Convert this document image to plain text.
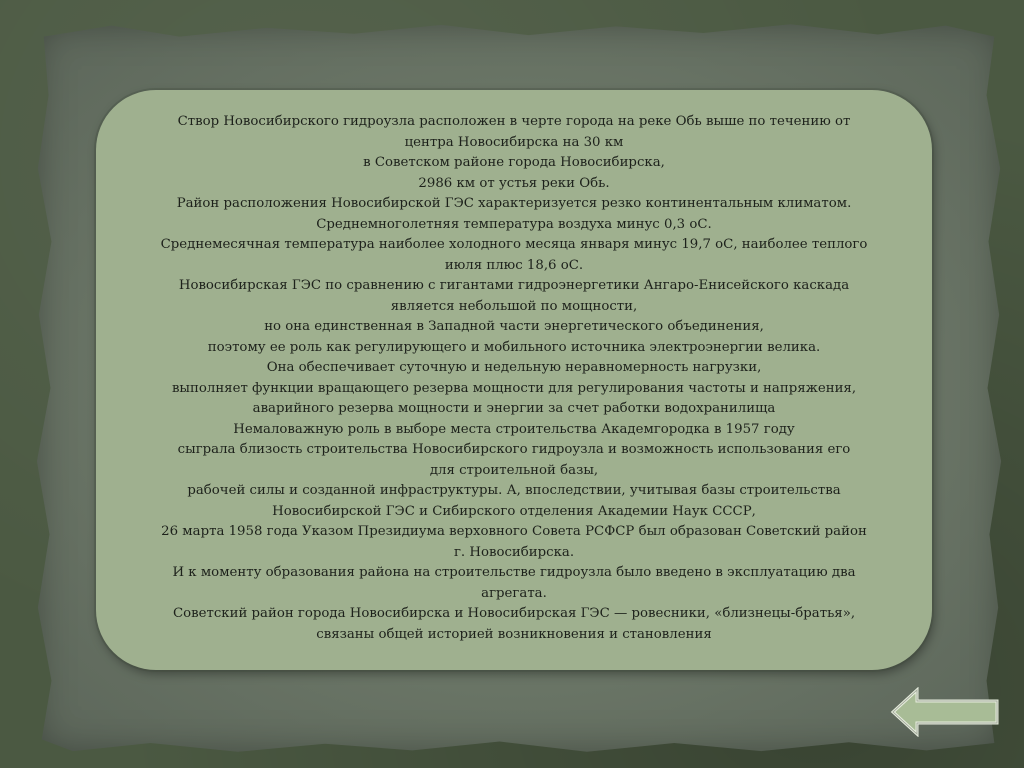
Створ Новосибирского гидроузла расположен в черте города на реке Обь выше по течению от
центра Новосибирска на 30 км
в Советском районе города Новосибирска,
2986 км от устья реки Обь.
Район расположения Новосибирской ГЭС характеризуется резко континентальным климатом.
Среднемноголетняя температура воздуха минус 0,3 оС.
Среднемесячная температура наиболее холодного месяца января минус 19,7 оС, наиболее теплого
июля плюс 18,6 оС.
Новосибирская ГЭС по сравнению с гигантами гидроэнергетики Ангаро-Енисейского каскада
является небольшой по мощности,
но она единственная в Западной части энергетического объединения,
поэтому ее роль как регулирующего и мобильного источника электроэнергии велика.
Она обеспечивает суточную и недельную неравномерность нагрузки,
выполняет функции вращающего резерва мощности для регулирования частоты и напряжения,
аварийного резерва мощности и энергии за счет работки водохранилища
Немаловажную роль в выборе места строительства Академгородка в 1957 году
сыграла близость строительства Новосибирского гидроузла и возможность использования его
для строительной базы,
рабочей силы и созданной инфраструктуры. А, впоследствии, учитывая базы строительства
Новосибирской ГЭС и Сибирского отделения Академии Наук СССР,
26 марта 1958 года Указом Президиума верховного Совета РСФСР был образован Советский район
г. Новосибирска.
И к моменту образования района на строительстве гидроузла было введено в эксплуатацию два
агрегата.
Советский район города Новосибирска и Новосибирская ГЭС — ровесники, «близнецы-братья»,
связаны общей историей возникновения и становления
